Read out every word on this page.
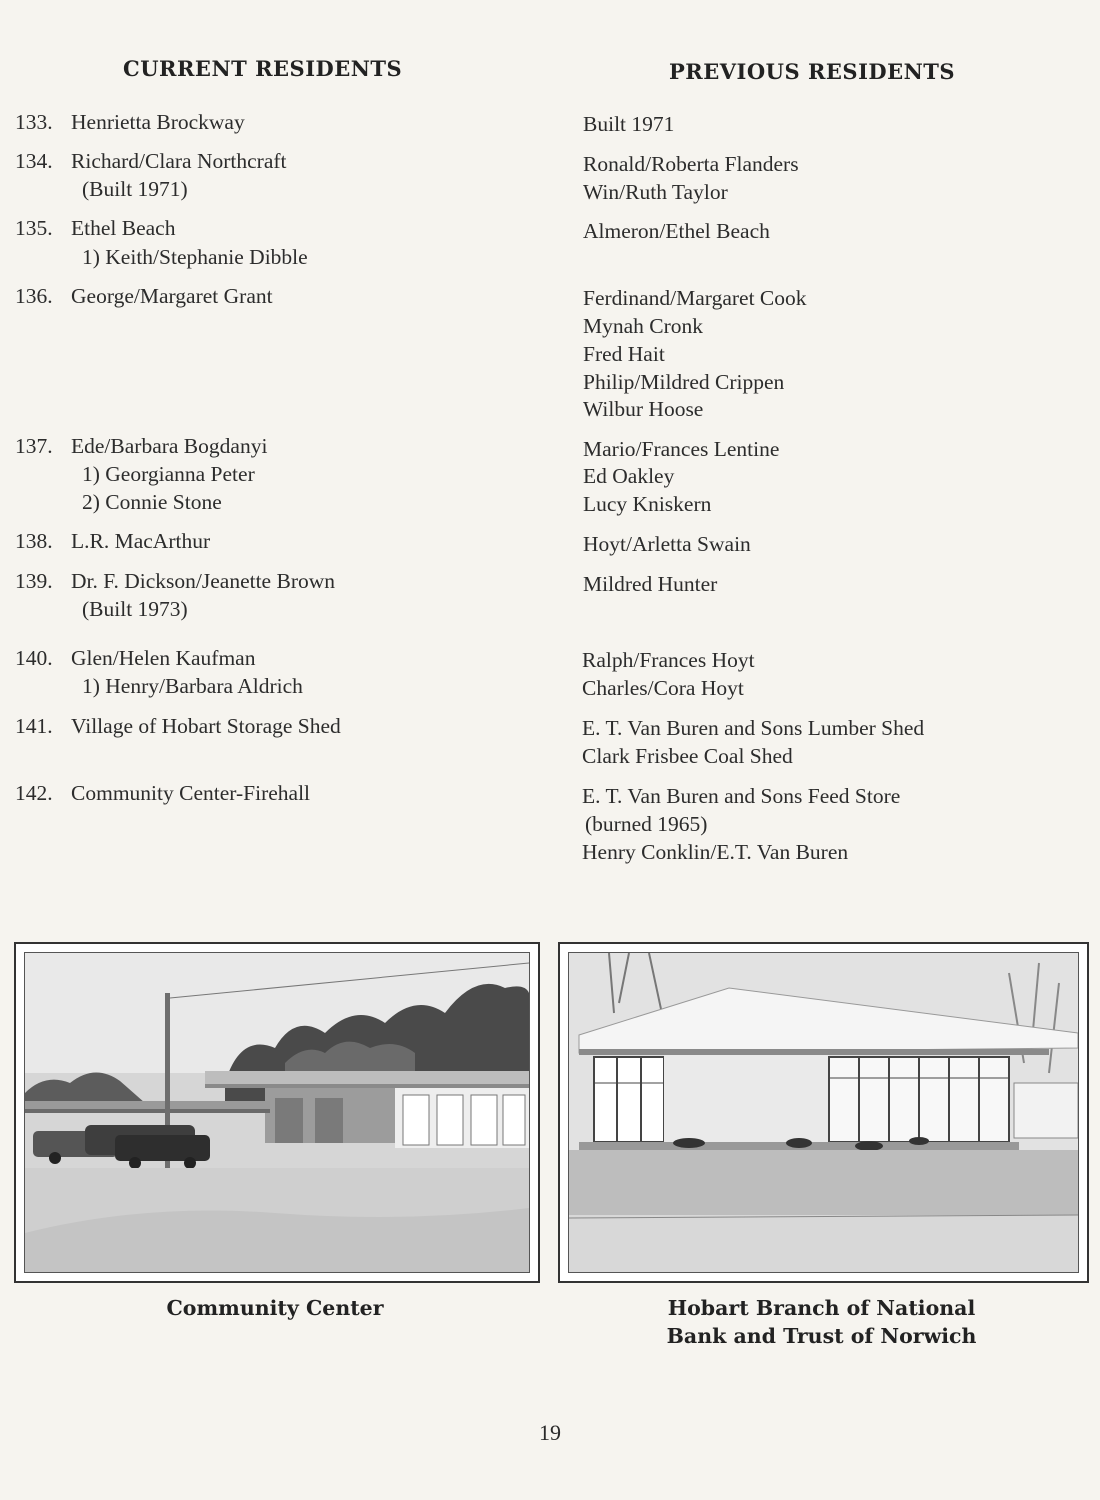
CURRENT RESIDENTS	PREVIOUS RESIDENTS
133. Henrietta Brockway
134. Richard/Clara Northcraft
(Built 1971)
135. Ethel Beach
1) Keith/Stephanie Dibble
136. George/Margaret Grant
137. Ede/Barbara Bogdanyi
1) Georgianna Peter
2) Connie Stone
138. L.R. MacArthur
139. Dr. F. Dickson/Jeanette Brown
(Built 1973)
140. Glen/Helen Kaufman
1) Henry/Barbara Aldrich
141. Village of Hobart Storage Shed
142. Community Center-Firehall
Built 1971
Ronald/Roberta Flanders
Win/Ruth Taylor
Almeron/Ethel Beach
Ferdinand/Margaret Cook
Mynah Cronk
Fred Hait
Philip/Mildred Crippen
Wilbur Hoose
Mario/Frances Lentine
Ed Oakley
Lucy Kniskern
Hoyt/Arletta Swain
Mildred Hunter
Ralph/Frances Hoyt
Charles/Cora Hoyt
E. T. Van Buren and Sons Lumber Shed
Clark Frisbee Coal Shed
E. T. Van Buren and Sons Feed Store
(burned 1965)
Henry Conklin/E.T. Van Buren
Community Center	Hobart Branch of National
Bank and Trust of Norwich
19
